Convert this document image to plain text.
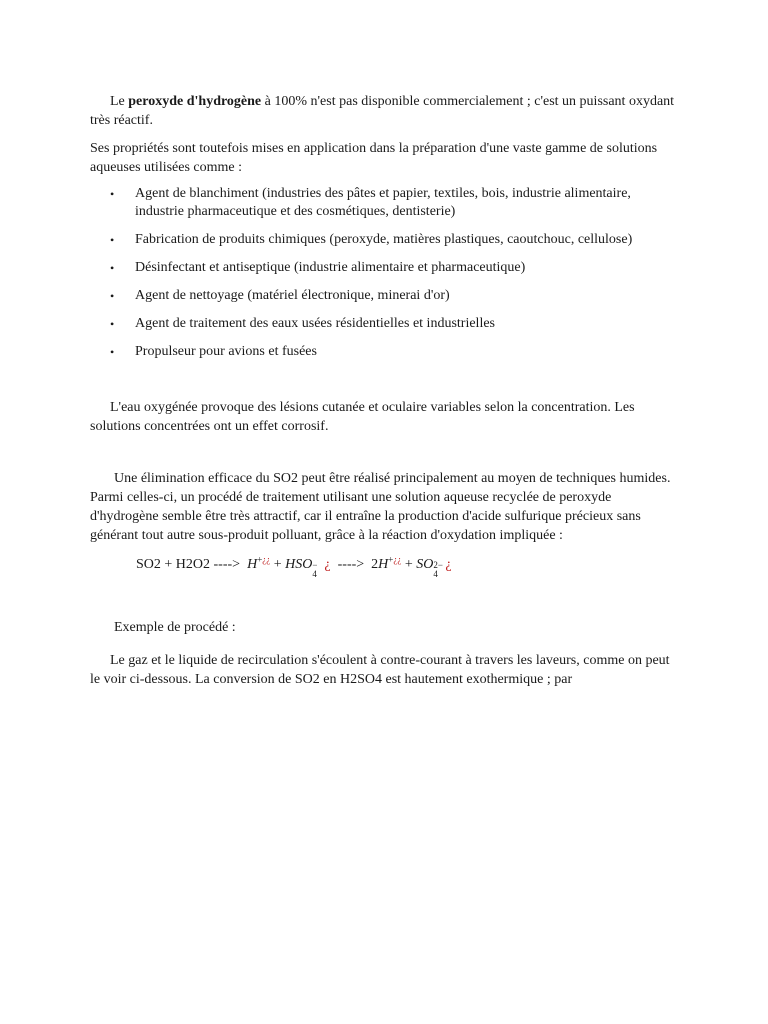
Le peroxyde d'hydrogène à 100% n'est pas disponible commercialement ; c'est un puissant oxydant très réactif.

Ses propriétés sont toutefois mises en application dans la préparation d'une vaste gamme de solutions aqueuses utilisées comme :

• Agent de blanchiment (industries des pâtes et papier, textiles, bois, industrie alimentaire, industrie pharmaceutique et des cosmétiques, dentisterie)
• Fabrication de produits chimiques (peroxyde, matières plastiques, caoutchouc, cellulose)
• Désinfectant et antiseptique (industrie alimentaire et pharmaceutique)
• Agent de nettoyage (matériel électronique, minerai d'or)
• Agent de traitement des eaux usées résidentielles et industrielles
• Propulseur pour avions et fusées

L'eau oxygénée provoque des lésions cutanée et oculaire variables selon la concentration. Les solutions concentrées ont un effet corrosif.

Une élimination efficace du SO2 peut être réalisé principalement au moyen de techniques humides. Parmi celles-ci, un procédé de traitement utilisant une solution aqueuse recyclée de peroxyde d'hydrogène semble être très attractif, car il entraîne la production d'acide sulfurique précieux sans générant tout autre sous-produit polluant, grâce à la réaction d'oxydation impliquée :

SO2 + H2O2 ----> H+¿¿ + HSO −
4
¿ ----> 2H+¿¿ + SO 2−
4
¿

Exemple de procédé :

Le gaz et le liquide de recirculation s'écoulent à contre-courant à travers les laveurs, comme on peut le voir ci-dessous. La conversion de SO2 en H2SO4 est hautement exothermique ; par
